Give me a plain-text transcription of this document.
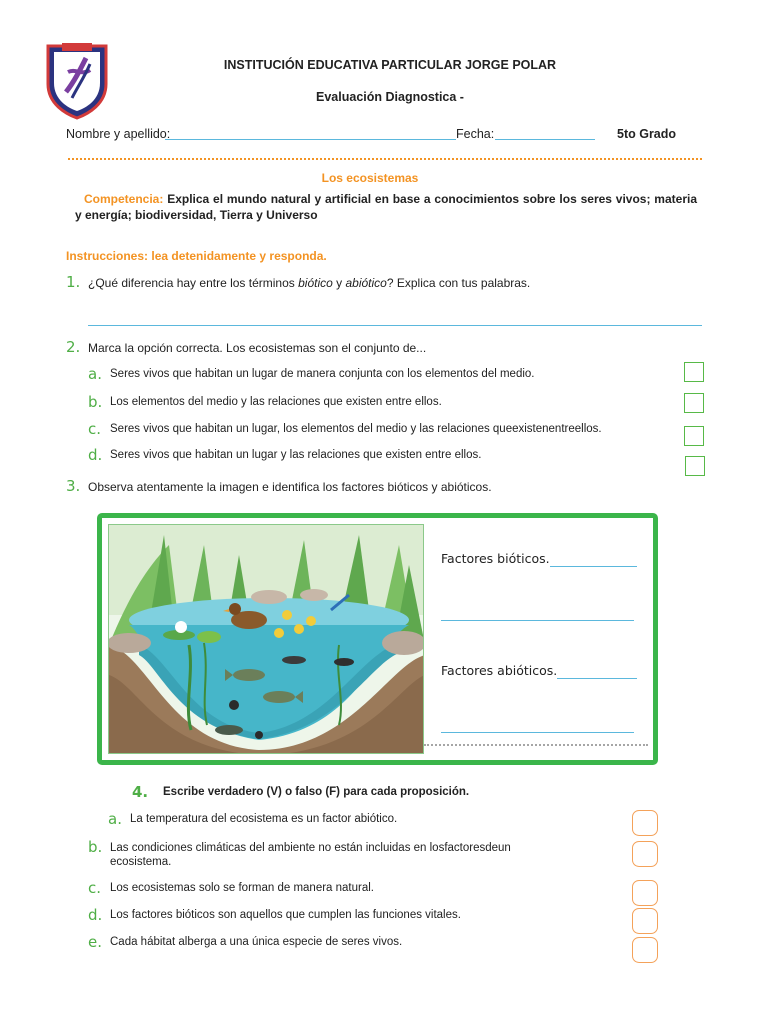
INSTITUCIÓN EDUCATIVA PARTICULAR JORGE POLAR
Evaluación Diagnostica -
Nombre y apellido:	Fecha:	5to Grado
Los ecosistemas
Competencia: Explica el mundo natural y artificial en base a conocimientos sobre los seres vivos; materia y energía; biodiversidad, Tierra y Universo
Instrucciones: lea detenidamente y responda.
1. ¿Qué diferencia hay entre los términos biótico y abiótico? Explica con tus palabras.
2. Marca la opción correcta. Los ecosistemas son el conjunto de...
a. Seres vivos que habitan un lugar de manera conjunta con los elementos del medio.
b. Los elementos del medio y las relaciones que existen entre ellos.
c. Seres vivos que habitan un lugar, los elementos del medio y las relaciones queexistenentreellos.
d. Seres vivos que habitan un lugar y las relaciones que existen entre ellos.
3. Observa atentamente la imagen e identifica los factores bióticos y abióticos.
Factores bióticos.
Factores abióticos.
4. Escribe verdadero (V) o falso (F) para cada proposición.
a. La temperatura del ecosistema es un factor abiótico.
b. Las condiciones climáticas del ambiente no están incluidas en losfactoresdeun ecosistema.
c. Los ecosistemas solo se forman de manera natural.
d. Los factores bióticos son aquellos que cumplen las funciones vitales.
e. Cada hábitat alberga a una única especie de seres vivos.
